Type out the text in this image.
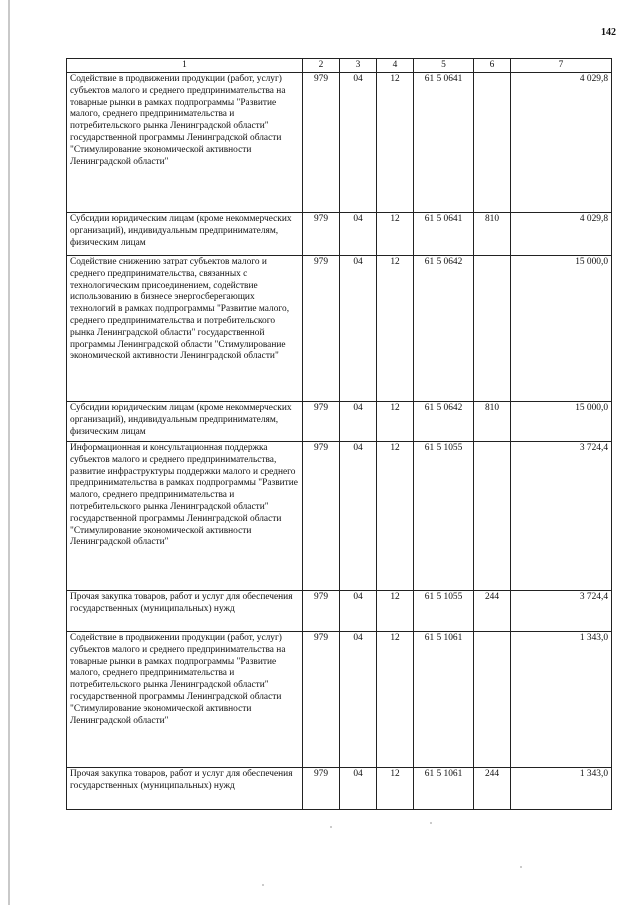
142
1	2	3	4	5	6	7
Содействие в продвижении продукции (работ, услуг) субъектов малого и среднего предпринимательства на товарные рынки в рамках подпрограммы "Развитие малого, среднего предпринимательства и потребительского рынка Ленинградской области" государственной программы Ленинградской области "Стимулирование экономической активности Ленинградской области"	979	04	12	61 5 0641		4 029,8
Субсидии юридическим лицам (кроме некоммерческих организаций), индивидуальным предпринимателям, физическим лицам	979	04	12	61 5 0641	810	4 029,8
Содействие снижению затрат субъектов малого и среднего предпринимательства, связанных с технологическим присоединением, содействие использованию в бизнесе энергосберегающих технологий в рамках подпрограммы "Развитие малого, среднего предпринимательства и потребительского рынка Ленинградской области" государственной программы Ленинградской области "Стимулирование экономической активности Ленинградской области"	979	04	12	61 5 0642		15 000,0
Субсидии юридическим лицам (кроме некоммерческих организаций), индивидуальным предпринимателям, физическим лицам	979	04	12	61 5 0642	810	15 000,0
Информационная и консультационная поддержка субъектов малого и среднего предпринимательства, развитие инфраструктуры поддержки малого и среднего предпринимательства в рамках подпрограммы "Развитие малого, среднего предпринимательства и потребительского рынка Ленинградской области" государственной программы Ленинградской области "Стимулирование экономической активности Ленинградской области"	979	04	12	61 5 1055		3 724,4
Прочая закупка товаров, работ и услуг для обеспечения государственных (муниципальных) нужд	979	04	12	61 5 1055	244	3 724,4
Содействие в продвижении продукции (работ, услуг) субъектов малого и среднего предпринимательства на товарные рынки в рамках подпрограммы "Развитие малого, среднего предпринимательства и потребительского рынка Ленинградской области" государственной программы Ленинградской области "Стимулирование экономической активности Ленинградской области"	979	04	12	61 5 1061		1 343,0
Прочая закупка товаров, работ и услуг для обеспечения государственных (муниципальных) нужд	979	04	12	61 5 1061	244	1 343,0
